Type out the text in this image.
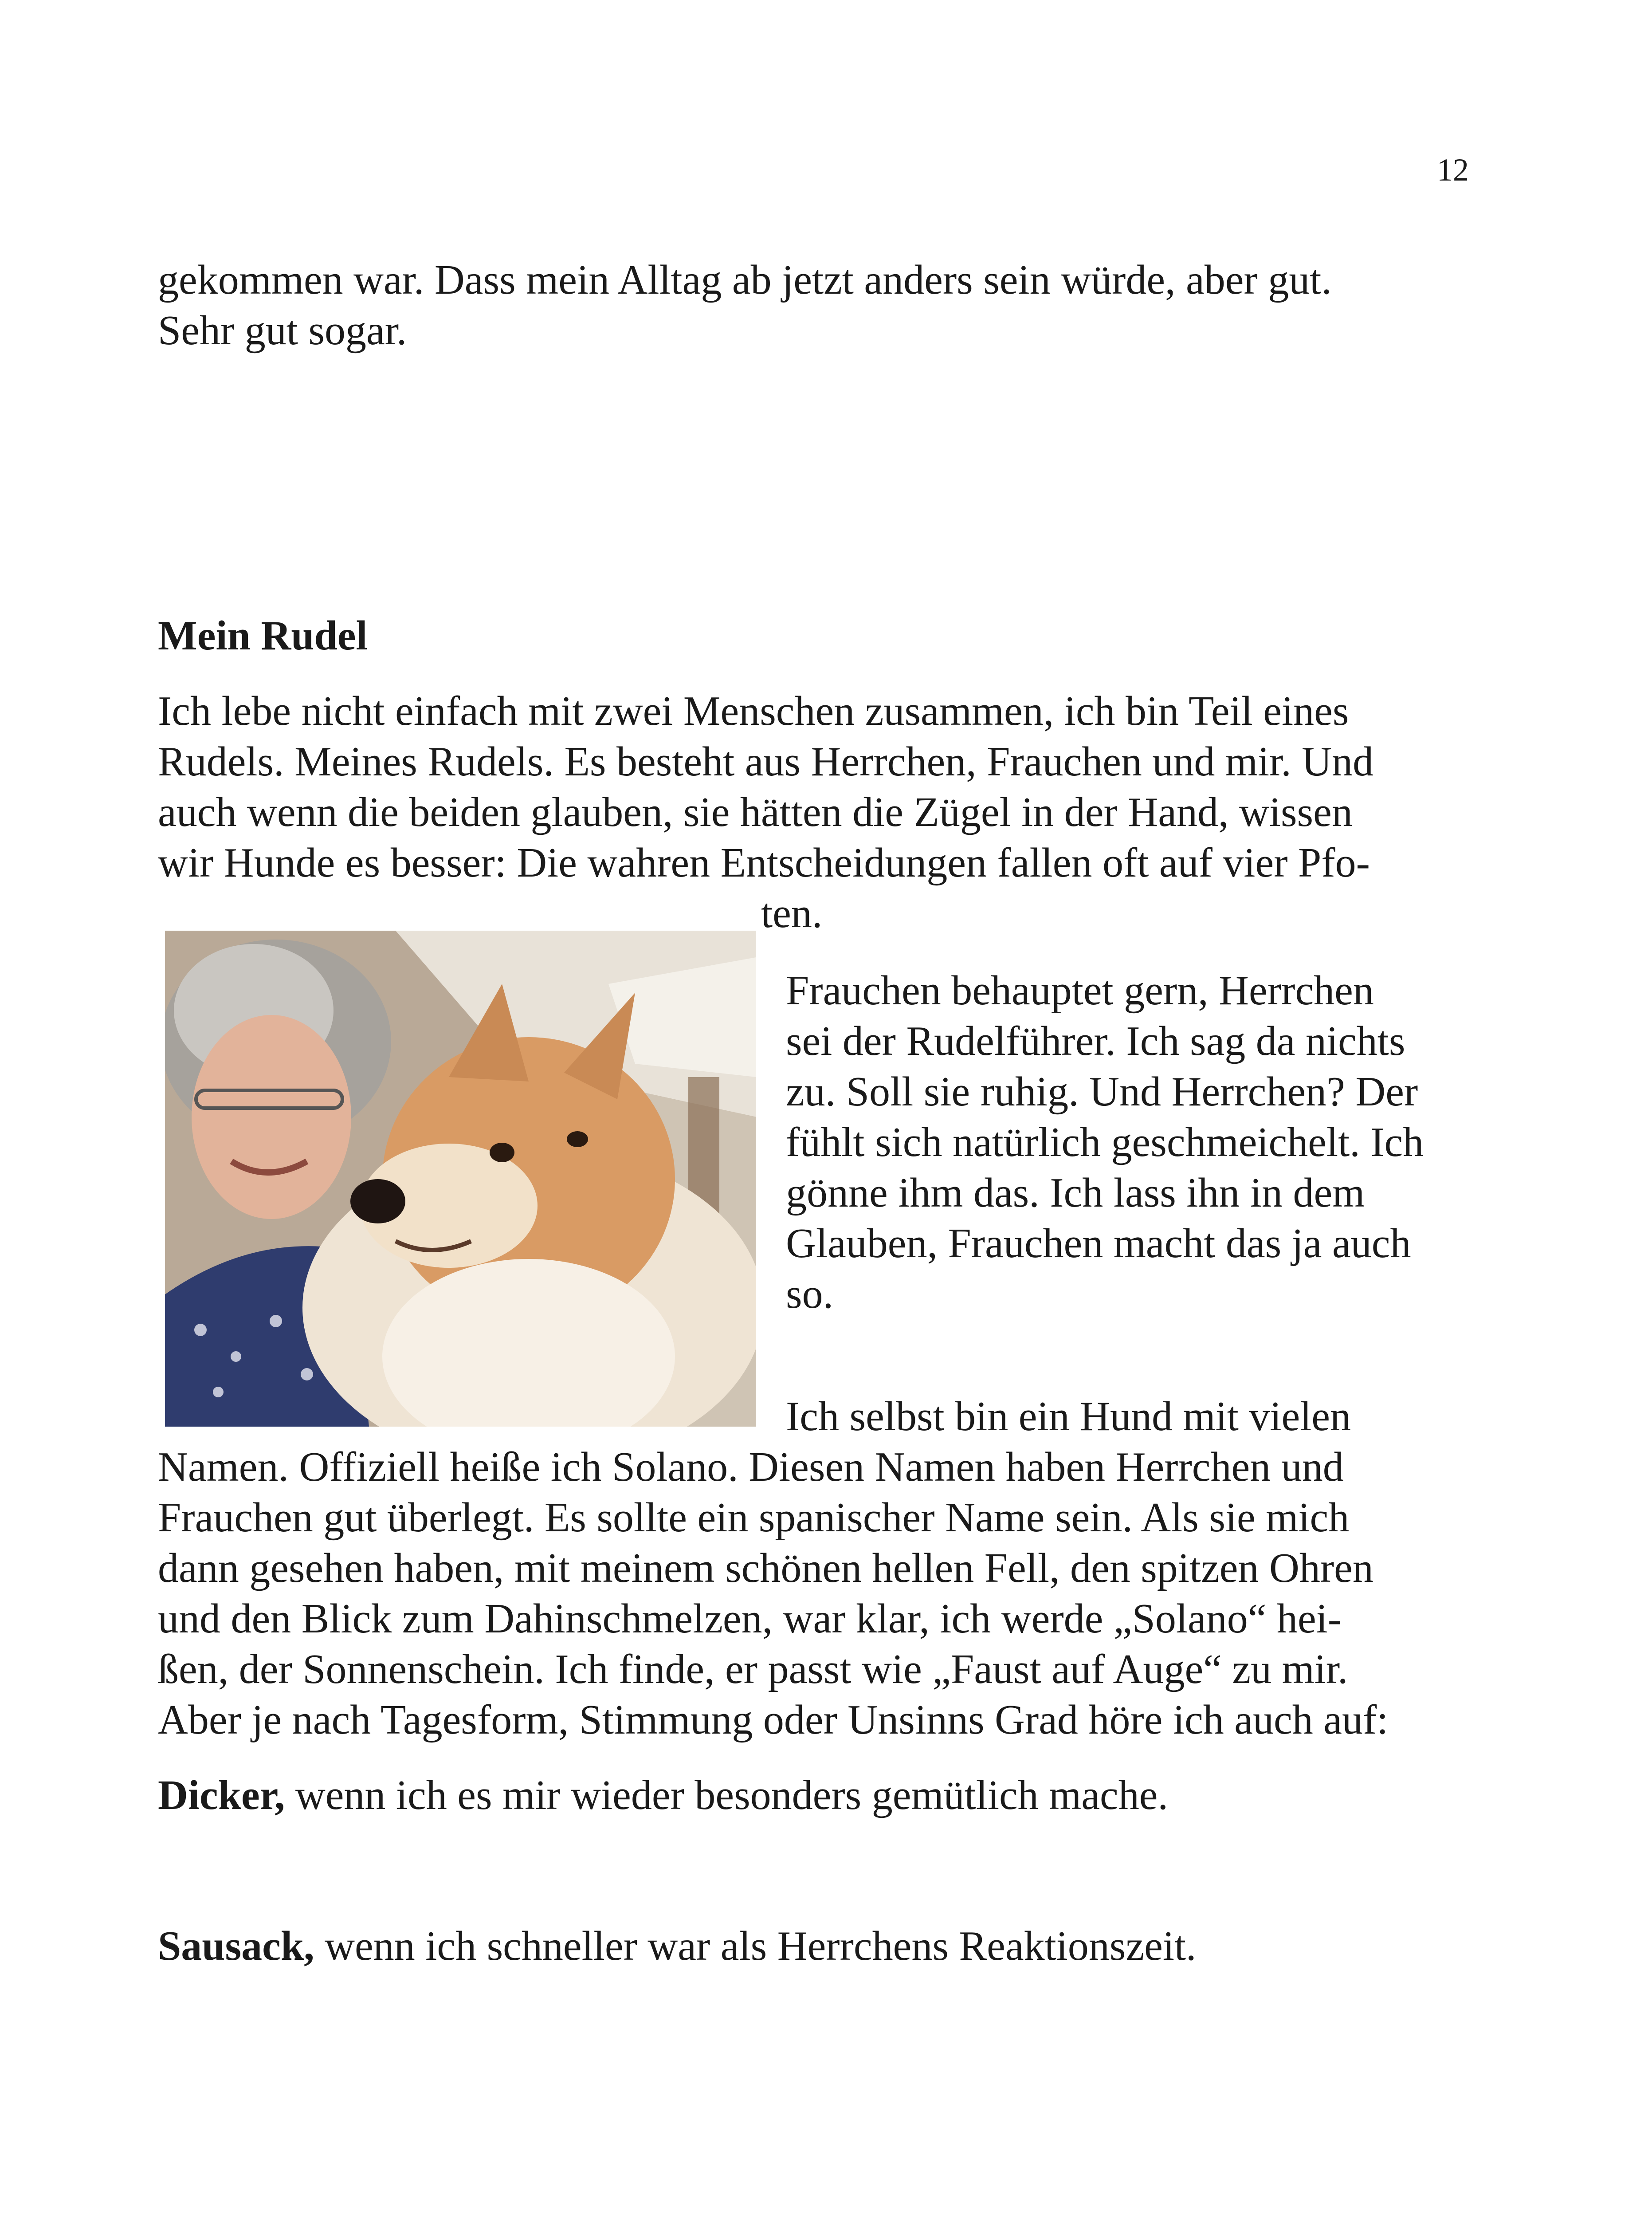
12

gekommen war. Dass mein Alltag ab jetzt anders sein würde, aber gut.

Sehr gut sogar.

Mein Rudel

Ich lebe nicht einfach mit zwei Menschen zusammen, ich bin Teil eines

Rudels. Meines Rudels. Es besteht aus Herrchen, Frauchen und mir. Und

auch wenn die beiden glauben, sie hätten die Zügel in der Hand, wissen

wir Hunde es besser: Die wahren Entscheidungen fallen oft auf vier Pfo-

ten.

Frauchen behauptet gern, Herrchen

sei der Rudelführer. Ich sag da nichts

zu. Soll sie ruhig. Und Herrchen? Der

fühlt sich natürlich geschmeichelt. Ich

gönne ihm das. Ich lass ihn in dem

Glauben, Frauchen macht das ja auch

so.

Ich selbst bin ein Hund mit vielen

Namen. Offiziell heiße ich Solano. Diesen Namen haben Herrchen und

Frauchen gut überlegt. Es sollte ein spanischer Name sein. Als sie mich

dann gesehen haben, mit meinem schönen hellen Fell, den spitzen Ohren

und den Blick zum Dahinschmelzen, war klar, ich werde „Solano“ hei-

ßen, der Sonnenschein. Ich finde, er passt wie „Faust auf Auge“ zu mir.

Aber je nach Tagesform, Stimmung oder Unsinns Grad höre ich auch auf:

Dicker, wenn ich es mir wieder besonders gemütlich mache.

Sausack, wenn ich schneller war als Herrchens Reaktionszeit.
